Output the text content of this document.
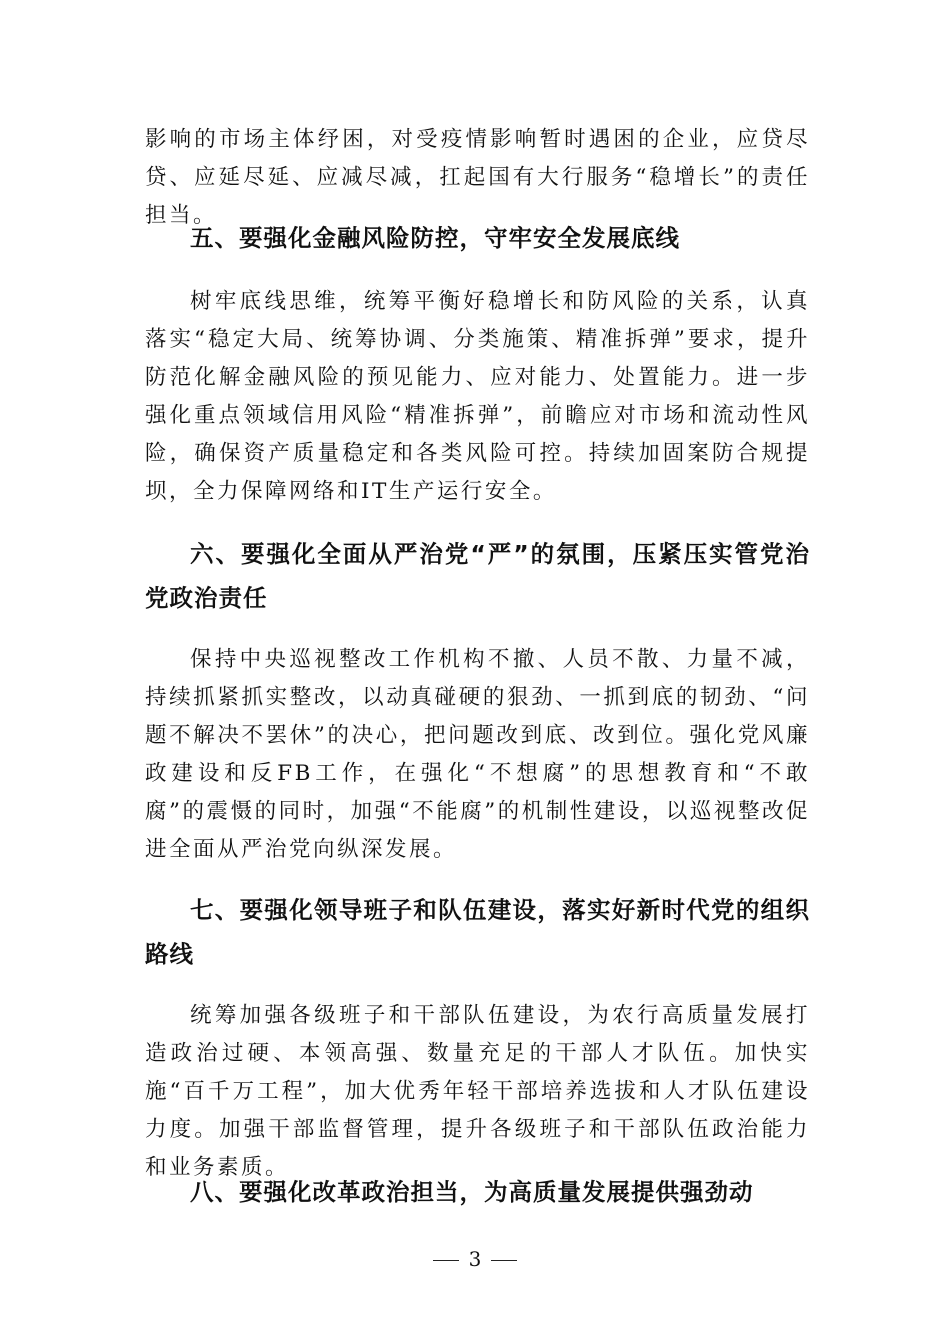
影响的市场主体纾困，对受疫情影响暂时遇困的企业，应贷尽贷、应延尽延、应减尽减，扛起国有大行服务“稳增长”的责任担当。

五、要强化金融风险防控，守牢安全发展底线

树牢底线思维，统筹平衡好稳增长和防风险的关系，认真落实“稳定大局、统筹协调、分类施策、精准拆弹”要求，提升防范化解金融风险的预见能力、应对能力、处置能力。进一步强化重点领域信用风险“精准拆弹”，前瞻应对市场和流动性风险，确保资产质量稳定和各类风险可控。持续加固案防合规提坝，全力保障网络和IT生产运行安全。

六、要强化全面从严治党“严”的氛围，压紧压实管党治党政治责任

保持中央巡视整改工作机构不撤、人员不散、力量不减，持续抓紧抓实整改，以动真碰硬的狠劲、一抓到底的韧劲、“问题不解决不罢休”的决心，把问题改到底、改到位。强化党风廉政建设和反FB工作，在强化“不想腐”的思想教育和“不敢腐”的震慑的同时，加强“不能腐”的机制性建设，以巡视整改促进全面从严治党向纵深发展。

七、要强化领导班子和队伍建设，落实好新时代党的组织路线

统筹加强各级班子和干部队伍建设，为农行高质量发展打造政治过硬、本领高强、数量充足的干部人才队伍。加快实施“百千万工程”，加大优秀年轻干部培养选拔和人才队伍建设力度。加强干部监督管理，提升各级班子和干部队伍政治能力和业务素质。

八、要强化改革政治担当，为高质量发展提供强劲动
3
